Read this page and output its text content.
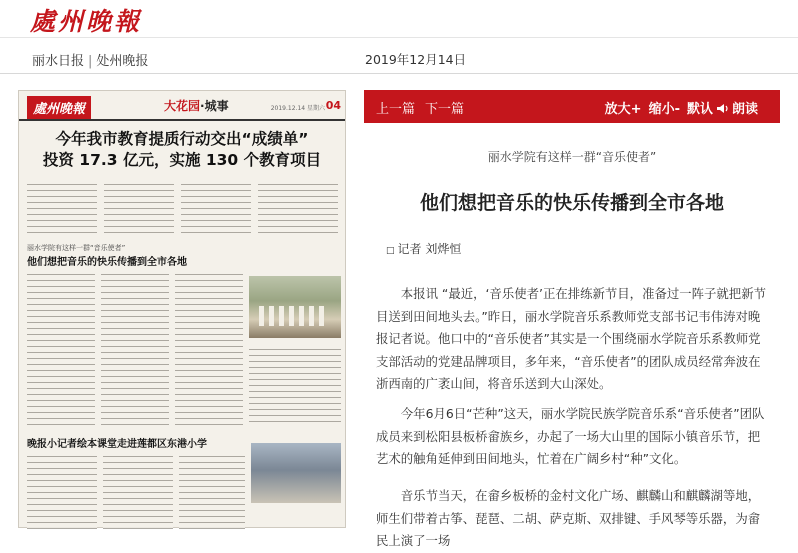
處州晚報
丽水日报 | 处州晚报	2019年12月14日
處州晚報	大花园·城事	2019.12.14 星期六 04
今年我市教育提质行动交出“成绩单”
投资 17.3 亿元，实施 130 个教育项目
丽水学院有这样一群“音乐使者”
他们想把音乐的快乐传播到全市各地
晚报小记者绘本课堂走进莲都区东港小学
上一篇 下一篇	放大+ 缩小- 默认 朗读
丽水学院有这样一群“音乐使者”
他们想把音乐的快乐传播到全市各地
□ 记者 刘烨恒

本报讯 “最近，‘音乐使者’正在排练新节目，准备过一阵子就把新节目送到田间地头去。”昨日，丽水学院音乐系教师党支部书记韦伟涛对晚报记者说。他口中的“音乐使者”其实是一个围绕丽水学院音乐系教师党支部活动的党建品牌项目，多年来，“音乐使者”的团队成员经常奔波在浙西南的广袤山间，将音乐送到大山深处。

今年6月6日“芒种”这天，丽水学院民族学院音乐系“音乐使者”团队成员来到松阳县板桥畲族乡，办起了一场大山里的国际小镇音乐节，把艺术的触角延伸到田间地头，忙着在广阔乡村“种”文化。

音乐节当天，在畲乡板桥的金村文化广场、麒麟山和麒麟湖等地，师生们带着古筝、琵琶、二胡、萨克斯、双排键、手风琴等乐器，为畲民上演了一场
